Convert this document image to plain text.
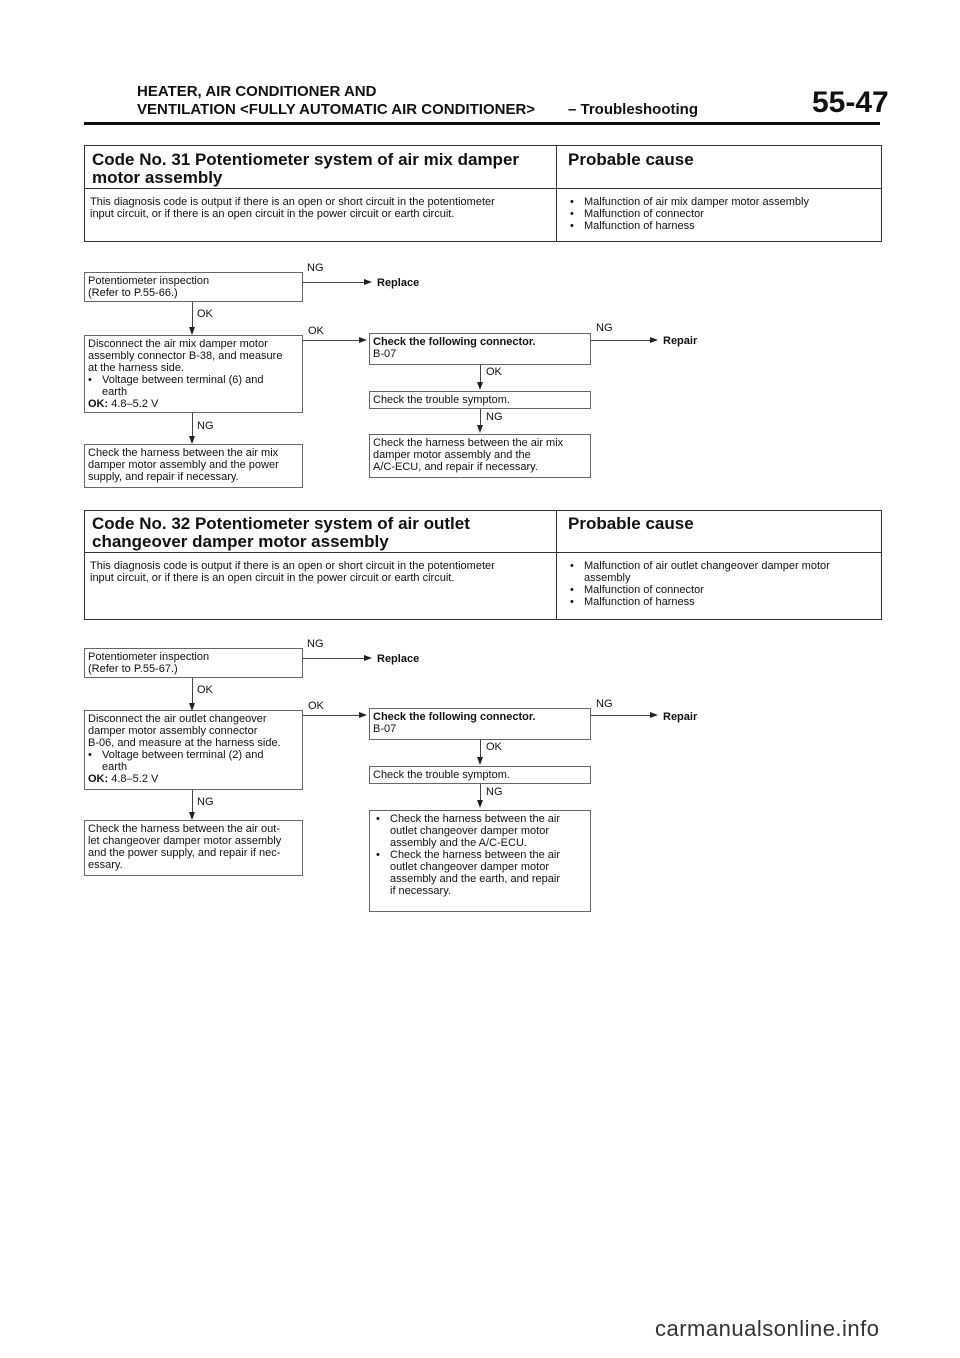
HEATER, AIR CONDITIONER AND
VENTILATION <FULLY AUTOMATIC AIR CONDITIONER> – Troubleshooting	55-47
Code No. 31 Potentiometer system of air mix damper
motor assembly
Probable cause
This diagnosis code is output if there is an open or short circuit in the potentiometer
input circuit, or if there is an open circuit in the power circuit or earth circuit.
• Malfunction of air mix damper motor assembly
• Malfunction of connector
• Malfunction of harness
Potentiometer inspection
(Refer to P.55-66.)
NG
Replace
OK
Disconnect the air mix damper motor
assembly connector B-38, and measure
at the harness side.
• Voltage between terminal (6) and
earth
OK: 4.8–5.2 V
OK
Check the following connector.
B-07
NG
Repair
OK
Check the trouble symptom.
NG
Check the harness between the air mix
damper motor assembly and the
A/C-ECU, and repair if necessary.
NG
Check the harness between the air mix
damper motor assembly and the power
supply, and repair if necessary.
Code No. 32 Potentiometer system of air outlet
changeover damper motor assembly
Probable cause
This diagnosis code is output if there is an open or short circuit in the potentiometer
input circuit, or if there is an open circuit in the power circuit or earth circuit.
• Malfunction of air outlet changeover damper motor
assembly
• Malfunction of connector
• Malfunction of harness
Potentiometer inspection
(Refer to P.55-67.)
NG
Replace
OK
Disconnect the air outlet changeover
damper motor assembly connector
B-06, and measure at the harness side.
• Voltage between terminal (2) and
earth
OK: 4.8–5.2 V
OK
Check the following connector.
B-07
NG
Repair
OK
Check the trouble symptom.
NG
• Check the harness between the air
outlet changeover damper motor
assembly and the A/C-ECU.
• Check the harness between the air
outlet changeover damper motor
assembly and the earth, and repair
if necessary.
NG
Check the harness between the air out-
let changeover damper motor assembly
and the power supply, and repair if nec-
essary.
carmanualsonline.info
